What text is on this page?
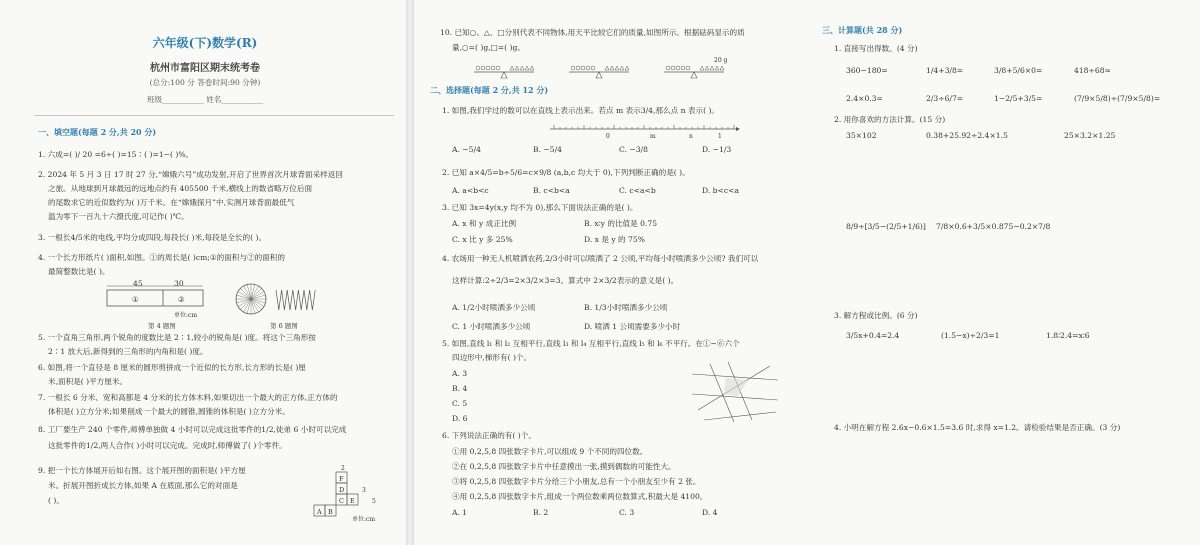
六年级(下)数学(R)
杭州市富阳区期末统考卷
(总分:100 分 答卷时间:90 分钟)
班级___________ 姓名___________
一、填空题(每题 2 分,共 20 分)
1. 六成=( )/ 20 =6÷( )=15∶( )=1−( )%。
2. 2024 年 5 月 3 日 17 时 27 分,“嫦娥六号”成功发射,开启了世界首次月球背面采样返回
之旅。从地球到月球最远的远地点约有 405500 千米,横线上的数省略万位后面
的尾数求它的近似数约为( )万千米。在“嫦娥探月”中,实测月球背面最低气
温为零下一百九十六摄氏度,可记作( )℃。
3. 一根长4/5米的电线,平均分成四段,每段长( )米,每段是全长的( )。
4. 一个长方形纸片( )面积,如图。①的周长是( )cm;①的面积与②的面积的
最简整数比是( )。
45	30
①	②
单位:cm
第 4 题图	第 6 题图
5. 一个直角三角形,两个锐角的度数比是 2∶1,较小的锐角是( )度。将这个三角形按
2∶1 放大后,新得到的三角形的内角和是( )度。
6. 如图,将一个直径是 8 厘米的圆形剪拼成一个近似的长方形,长方形的长是( )厘
米,面积是( )平方厘米。
7. 一根长 6 分米、宽和高都是 4 分米的长方体木料,如果切出一个最大的正方体,正方体的
体积是( )立方分米;如果削成一个最大的圆锥,圆锥的体积是( )立方分米。
8. 工厂要生产 240 个零件,师傅单独做 4 小时可以完成这批零件的1/2,徒弟 6 小时可以完成
这批零件的1/2,两人合作( )小时可以完成。完成时,师傅做了( )个零件。
9. 把一个长方体展开后如右图。这个展开图的面积是( )平方厘
米。折展开图折成长方体,如果 A 在底面,那么它的对面是
( )。
F
D
C E
A B
2
3
5
单位:cm
10. 已知○、△、□分别代表不同物体,用天平比较它们的质量,如图所示。根据砝码显示的质
量,○=( )g,□=( )g。
20 g
二、选择题(每题 2 分,共 12 分)
1. 如图,我们学过的数可以在直线上表示出来。若点 m 表示3/4,那么点 n 表示( )。
0	m	n	1
A. −5/4	B. −5/4	C. −3/8	D. −1/3
2. 已知 a×4/5=b÷5/6=c×9/8 (a,b,c 均大于 0),下列判断正确的是( )。
A. a<b<c	B. c<b<a	C. c<a<b	D. b<c<a
3. 已知 3x=4y(x,y 均不为 0),那么下面说法正确的是( )。
A. x 和 y 成正比例	B. x∶y 的比值是 0.75
C. x 比 y 多 25%	D. x 是 y 的 75%
4. 农场用一种无人机喷洒农药,2/3小时可以喷洒了 2 公顷,平均每小时喷洒多少公顷? 我们可以
这样计算:2÷2/3=2×3/2×3=3。算式中 2×3/2表示的意义是( )。
A. 1/2小时喷洒多少公顷	B. 1/3小时喷洒多少公顷
C. 1 小时喷洒多少公顷	D. 喷洒 1 公顷需要多少小时
5. 如图,直线 l₁ 和 l₂ 互相平行,直线 l₃ 和 l₄ 互相平行,直线 l₅ 和 l₆ 不平行。在①~⑥六个
四边形中,梯形有( )个。
A. 3
B. 4
C. 5
D. 6
6. 下列说法正确的有( )个。
①用 0,2,5,8 四张数字卡片,可以组成 9 个不同的四位数。
②在 0,2,5,8 四张数字卡片中任意摸出一张,摸到偶数的可能性大。
③将 0,2,5,8 四张数字卡片分给三个小朋友,总有一个小朋友至少有 2 张。
④用 0,2,5,8 四张数字卡片,组成一个两位数乘两位数算式,积最大是 4100。
A. 1	B. 2	C. 3	D. 4
三、计算题(共 28 分)
1. 直接写出得数。(4 分)
360−180=	1/4+3/8=	3/8+5/6×0=	418÷68≈
2.4×0.3=	2/3÷6/7=	1−2/5+3/5=	(7/9×5/8)÷(7/9×5/8)=
2. 用你喜欢的方法计算。(15 分)
35×102	0.38+25.92÷2.4×1.5	25×3.2×1.25
8/9÷[3/5−(2/5+1/6)] 7/8×0.6+3/5×0.875−0.2×7/8
3. 解方程或比例。(6 分)
3/5x+0.4=2.4	(1.5−x)÷2/3=1	1.8∶2.4=x∶6
4. 小明在解方程 2.6x−0.6×1.5=3.6 时,求得 x=1.2。请检验结果是否正确。(3 分)
